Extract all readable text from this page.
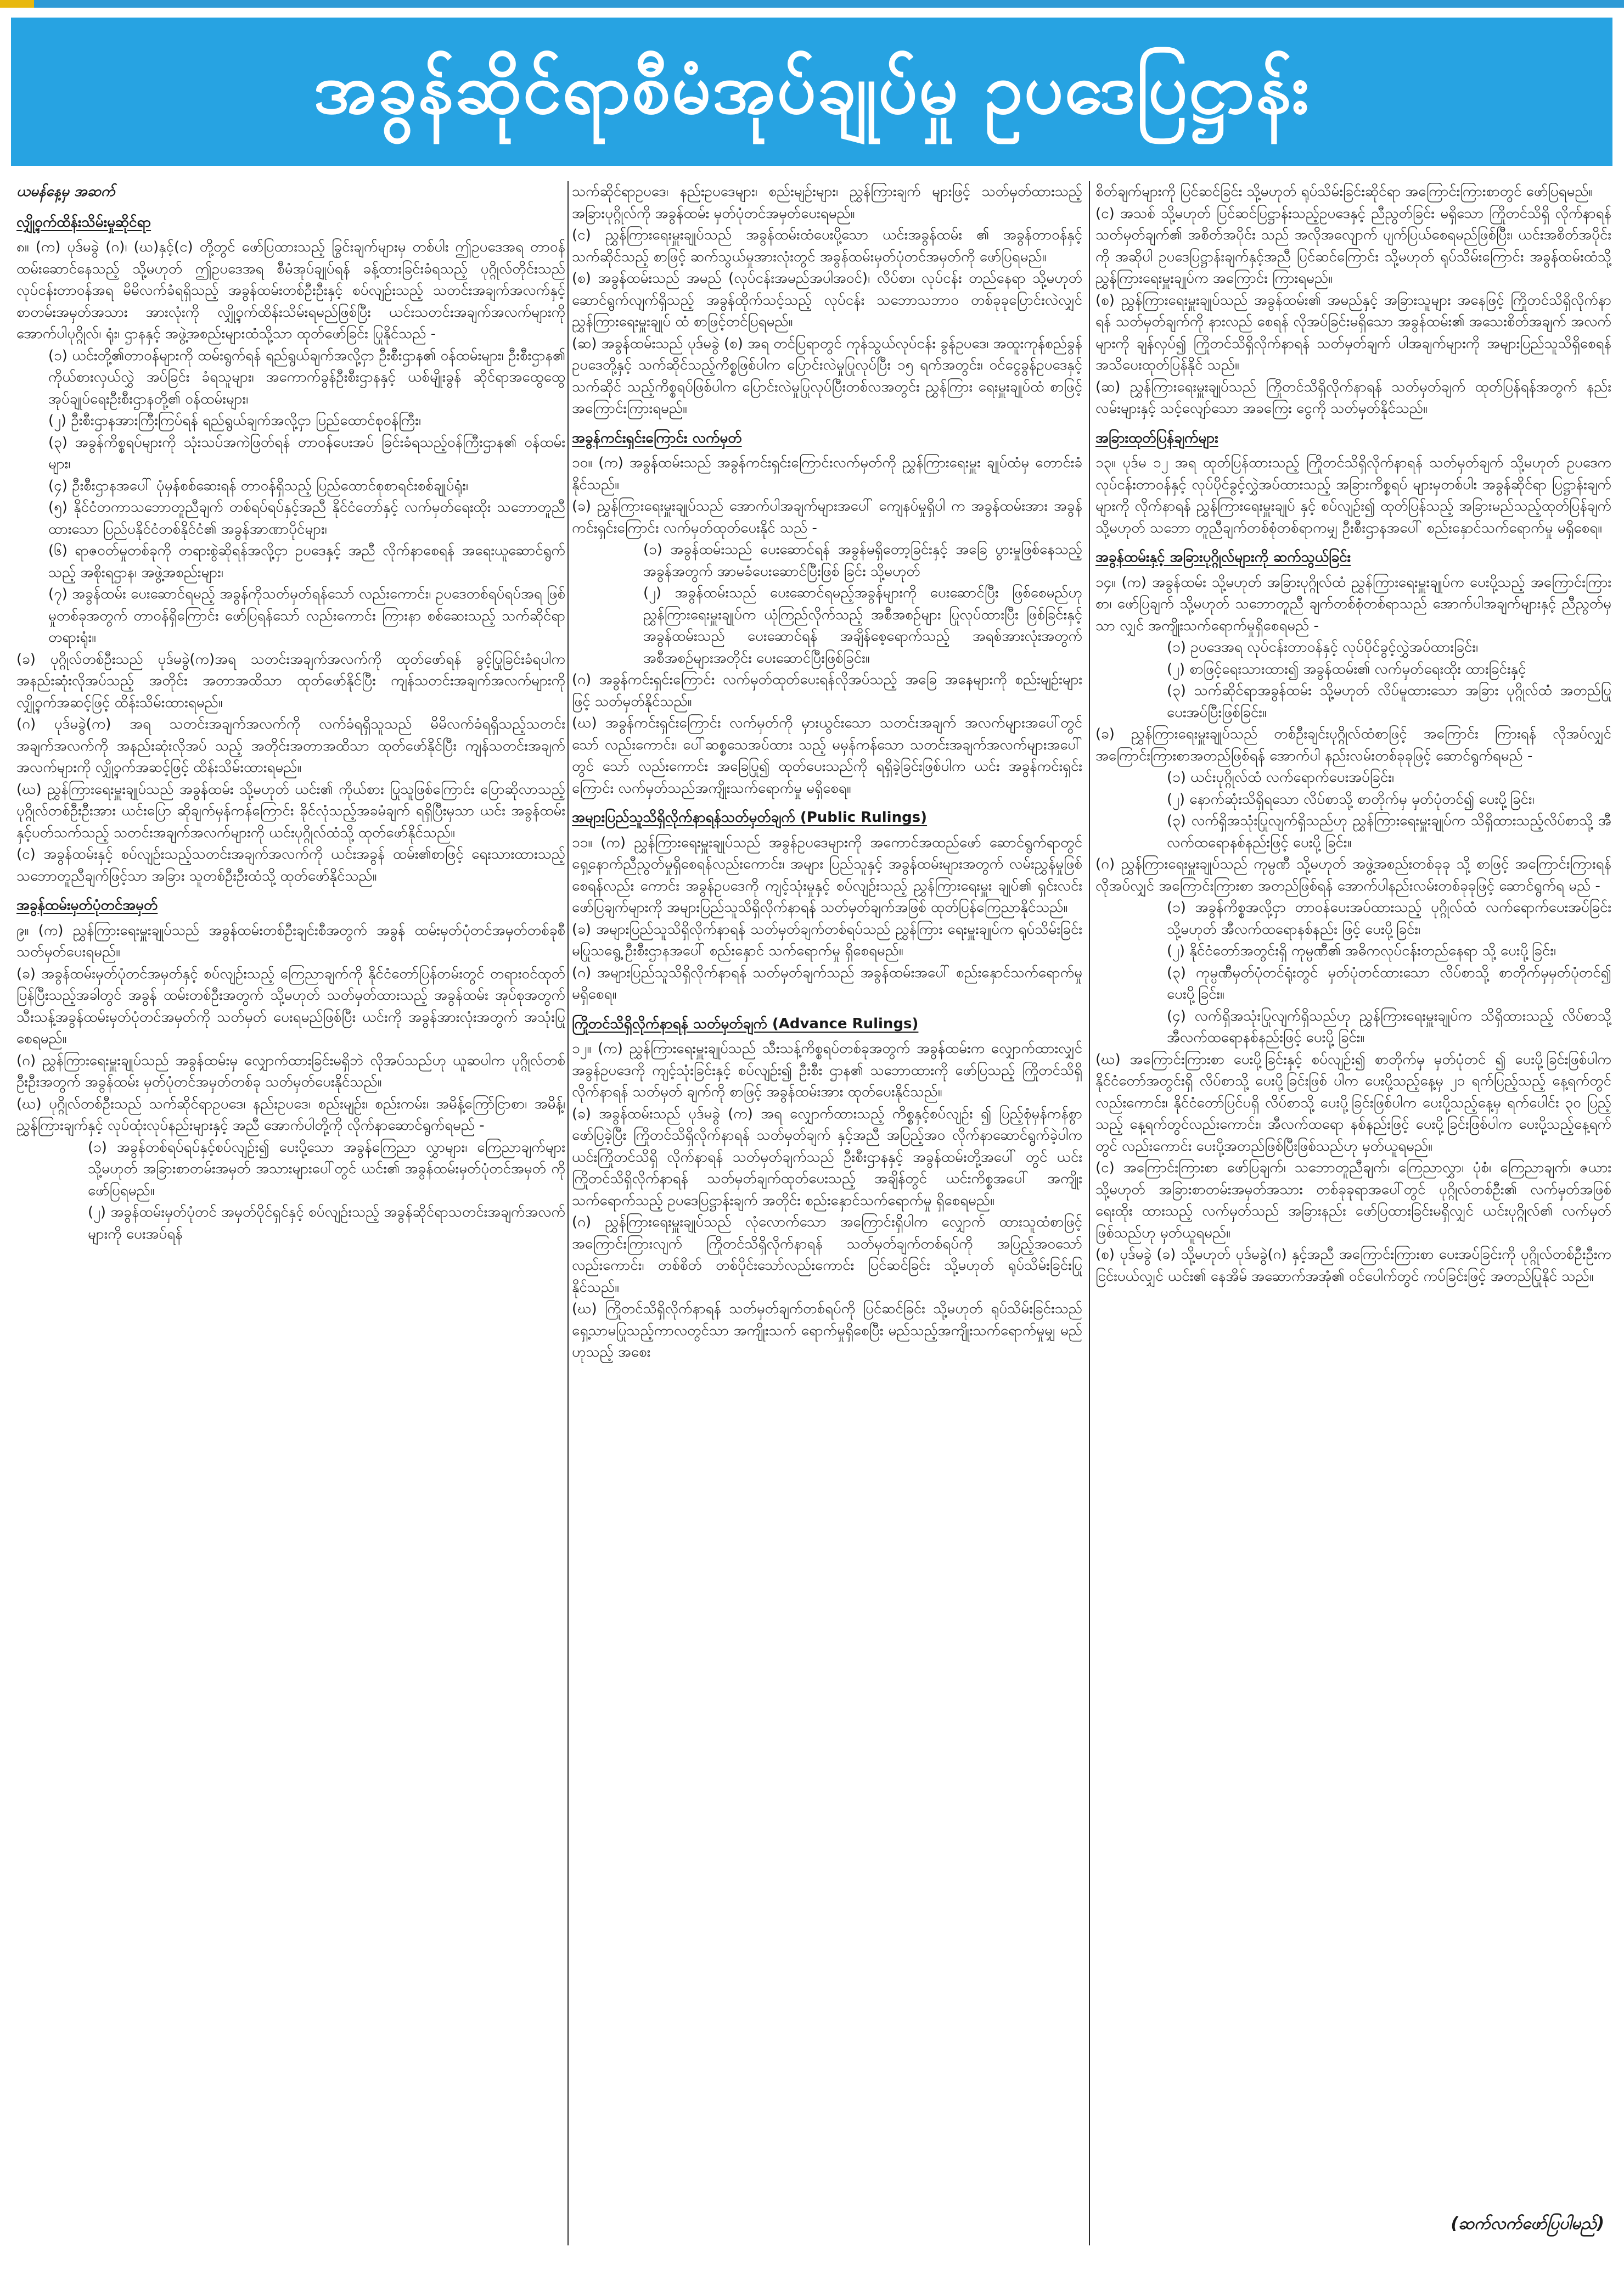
အခွန်ဆိုင်ရာစီမံအုပ်ချုပ်မှု ဥပဒေပြဋ္ဌာန်း
ယမန်နေ့မှ အဆက်
လျှို့ဝှက်ထိန်းသိမ်းမှုဆိုင်ရာ
၈။ (က) ပုဒ်မခွဲ (ဂ)၊ (ဃ)နှင့်(င) တို့တွင် ဖော်ပြထားသည့် ခြွင်းချက်များမှ တစ်ပါး ဤဥပဒေအရ တာဝန်ထမ်းဆောင်နေသည့် သို့မဟုတ် ဤဥပဒေအရ စီမံအုပ်ချုပ်ရန် ခန့်ထားခြင်းခံရသည့် ပုဂ္ဂိုလ်တိုင်းသည် လုပ်ငန်းတာဝန်အရ မိမိလက်ခံရရှိသည့် အခွန်ထမ်းတစ်ဦးဦးနှင့် စပ်လျဉ်းသည့် သတင်းအချက်အလက်နှင့် စာတမ်းအမှတ်အသား အားလုံးကို လျှို့ဝှက်ထိန်းသိမ်းရမည်ဖြစ်ပြီး ယင်းသတင်းအချက်အလက်များကို အောက်ပါပုဂ္ဂိုလ်၊ ရုံး၊ ဌာနနှင့် အဖွဲ့အစည်းများထံသို့သာ ထုတ်ဖော်ခြင်း ပြုနိုင်သည် -
(၁) ယင်းတို့၏တာဝန်များကို ထမ်းရွက်ရန် ရည်ရွယ်ချက်အလို့ငှာ ဦးစီးဌာန၏ ဝန်ထမ်းများ၊ ဦးစီးဌာန၏ ကိုယ်စားလှယ်လွှဲ အပ်ခြင်း ခံရသူများ၊ အကောက်ခွန်ဦးစီးဌာနနှင့် ယစ်မျိုးခွန် ဆိုင်ရာအထွေထွေအုပ်ချုပ်ရေးဦးစီးဌာနတို့၏ ဝန်ထမ်းများ၊
(၂) ဦးစီးဌာနအားကြီးကြပ်ရန် ရည်ရွယ်ချက်အလို့ငှာ ပြည်ထောင်စုဝန်ကြီး၊
(၃) အခွန်ကိစ္စရပ်များကို သုံးသပ်အကဲဖြတ်ရန် တာဝန်ပေးအပ် ခြင်းခံရသည့်ဝန်ကြီးဌာန၏ ဝန်ထမ်းများ၊
(၄) ဦးစီးဌာနအပေါ် ပုံမှန်စစ်ဆေးရန် တာဝန်ရှိသည့် ပြည်ထောင်စုစာရင်းစစ်ချုပ်ရုံး၊
(၅) နိုင်ငံတကာသဘောတူညီချက် တစ်ရပ်ရပ်နှင့်အညီ နိုင်ငံတော်နှင့် လက်မှတ်ရေးထိုး သဘောတူညီထားသော ပြည်ပနိုင်ငံတစ်နိုင်ငံ၏ အခွန်အာဏာပိုင်များ၊
(၆) ရာဇဝတ်မှုတစ်ခုကို တရားစွဲဆိုရန်အလို့ငှာ ဥပဒေနှင့် အညီ လိုက်နာစေရန် အရေးယူဆောင်ရွက်သည့် အစိုးရဌာန၊ အဖွဲ့အစည်းများ၊
(၇) အခွန်ထမ်း ပေးဆောင်ရမည့် အခွန်ကိုသတ်မှတ်ရန်သော် လည်းကောင်း၊ ဥပဒေတစ်ရပ်ရပ်အရ ဖြစ်မှုတစ်ခုအတွက် တာဝန်ရှိကြောင်း ဖော်ပြရန်သော် လည်းကောင်း ကြားနာ စစ်ဆေးသည့် သက်ဆိုင်ရာတရားရုံး။
(ခ) ပုဂ္ဂိုလ်တစ်ဦးသည် ပုဒ်မခွဲ(က)အရ သတင်းအချက်အလက်ကို ထုတ်ဖော်ရန် ခွင့်ပြုခြင်းခံရပါက အနည်းဆုံးလိုအပ်သည့် အတိုင်း အတာအထိသာ ထုတ်ဖော်နိုင်ပြီး ကျန်သတင်းအချက်အလက်များကို လျှို့ဝှက်အဆင့်ဖြင့် ထိန်းသိမ်းထားရမည်။
(ဂ) ပုဒ်မခွဲ(က) အရ သတင်းအချက်အလက်ကို လက်ခံရရှိသူသည် မိမိလက်ခံရရှိသည့်သတင်းအချက်အလက်ကို အနည်းဆုံးလိုအပ် သည့် အတိုင်းအတာအထိသာ ထုတ်ဖော်နိုင်ပြီး ကျန်သတင်းအချက် အလက်များကို လျှို့ဝှက်အဆင့်ဖြင့် ထိန်းသိမ်းထားရမည်။
(ဃ) ညွှန်ကြားရေးမှူးချုပ်သည် အခွန်ထမ်း သို့မဟုတ် ယင်း၏ ကိုယ်စား ပြုသူဖြစ်ကြောင်း ပြောဆိုလာသည့် ပုဂ္ဂိုလ်တစ်ဦးဦးအား ယင်းပြော ဆိုချက်မှန်ကန်ကြောင်း ခိုင်လုံသည့်အခမံချက် ရရှိပြီးမှသာ ယင်း အခွန်ထမ်းနှင့်ပတ်သက်သည့် သတင်းအချက်အလက်များကို ယင်းပုဂ္ဂိုလ်ထံသို့ ထုတ်ဖော်နိုင်သည်။
(င) အခွန်ထမ်းနှင့် စပ်လျဉ်းသည့်သတင်းအချက်အလက်ကို ယင်းအခွန် ထမ်း၏စာဖြင့် ရေးသားထားသည့် သဘောတူညီချက်ဖြင့်သာ အခြား သူတစ်ဦးဦးထံသို့ ထုတ်ဖော်နိုင်သည်။
အခွန်ထမ်းမှတ်ပုံတင်အမှတ်
၉။ (က) ညွှန်ကြားရေးမှူးချုပ်သည် အခွန်ထမ်းတစ်ဦးချင်းစီအတွက် အခွန် ထမ်းမှတ်ပုံတင်အမှတ်တစ်ခုစီ သတ်မှတ်ပေးရမည်။
(ခ) အခွန်ထမ်းမှတ်ပုံတင်အမှတ်နှင့် စပ်လျဉ်းသည့် ကြေညာချက်ကို နိုင်ငံတော်ပြန်တမ်းတွင် တရားဝင်ထုတ်ပြန်ပြီးသည့်အခါတွင် အခွန် ထမ်းတစ်ဦးအတွက် သို့မဟုတ် သတ်မှတ်ထားသည့် အခွန်ထမ်း အုပ်စုအတွက် သီးသန့်အခွန်ထမ်းမှတ်ပုံတင်အမှတ်ကို သတ်မှတ် ပေးရမည်ဖြစ်ပြီး ယင်းကို အခွန်အားလုံးအတွက် အသုံးပြုစေရမည်။
(ဂ) ညွှန်ကြားရေးမှူးချုပ်သည် အခွန်ထမ်းမှ လျှောက်ထားခြင်းမရှိဘဲ လိုအပ်သည်ဟု ယူဆပါက ပုဂ္ဂိုလ်တစ်ဦးဦးအတွက် အခွန်ထမ်း မှတ်ပုံတင်အမှတ်တစ်ခု သတ်မှတ်ပေးနိုင်သည်။
(ဃ) ပုဂ္ဂိုလ်တစ်ဦးသည် သက်ဆိုင်ရာဥပဒေ၊ နည်းဥပဒေ၊ စည်းမျဉ်း၊ စည်းကမ်း၊ အမိန့်ကြော်ငြာစာ၊ အမိန့်၊ ညွှန်ကြားချက်နှင့် လုပ်ထုံးလုပ်နည်းများနှင့် အညီ အောက်ပါတို့ကို လိုက်နာဆောင်ရွက်ရမည် -
(၁) အခွန်တစ်ရပ်ရပ်နှင့်စပ်လျဉ်း၍ ပေးပို့သော အခွန်ကြေညာ လွှာများ၊ ကြေညာချက်များ သို့မဟုတ် အခြားစာတမ်းအမှတ် အသားများပေါ်တွင် ယင်း၏ အခွန်ထမ်းမှတ်ပုံတင်အမှတ် ကို ဖော်ပြရမည်။
(၂) အခွန်ထမ်းမှတ်ပုံတင် အမှတ်ပိုင်ရှင်နှင့် စပ်လျဉ်းသည့် အခွန်ဆိုင်ရာသတင်းအချက်အလက်များကို ပေးအပ်ရန်
သက်ဆိုင်ရာဥပဒေ၊ နည်းဥပဒေများ၊ စည်းမျဉ်းများ၊ ညွှန်ကြားချက် များဖြင့် သတ်မှတ်ထားသည့် အခြားပုဂ္ဂိုလ်ကို အခွန်ထမ်း မှတ်ပုံတင်အမှတ်ပေးရမည်။
(င) ညွှန်ကြားရေးမှူးချုပ်သည် အခွန်ထမ်းထံပေးပို့သော ယင်းအခွန်ထမ်း ၏ အခွန်တာဝန်နှင့် သက်ဆိုင်သည့် စာဖြင့် ဆက်သွယ်မှုအားလုံးတွင် အခွန်ထမ်းမှတ်ပုံတင်အမှတ်ကို ဖော်ပြရမည်။
(စ) အခွန်ထမ်းသည် အမည် (လုပ်ငန်းအမည်အပါအဝင်)၊ လိပ်စာ၊ လုပ်ငန်း တည်နေရာ သို့မဟုတ် ဆောင်ရွက်လျက်ရှိသည့် အခွန်ထိုက်သင့်သည့် လုပ်ငန်း သဘောသဘာဝ တစ်ခုခုပြောင်းလဲလျှင် ညွှန်ကြားရေးမှူးချုပ် ထံ စာဖြင့်တင်ပြရမည်။
(ဆ) အခွန်ထမ်းသည် ပုဒ်မခွဲ (စ) အရ တင်ပြရာတွင် ကုန်သွယ်လုပ်ငန်း ခွန်ဥပဒေ၊ အထူးကုန်စည်ခွန်ဥပဒေတို့နှင့် သက်ဆိုင်သည့်ကိစ္စဖြစ်ပါက ပြောင်းလဲမှုပြုလုပ်ပြီး ၁၅ ရက်အတွင်း၊ ဝင်ငွေခွန်ဥပဒေနှင့် သက်ဆိုင် သည့်ကိစ္စရပ်ဖြစ်ပါက ပြောင်းလဲမှုပြုလုပ်ပြီးတစ်လအတွင်း ညွှန်ကြား ရေးမှူးချုပ်ထံ စာဖြင့်အကြောင်းကြားရမည်။
အခွန်ကင်းရှင်းကြောင်း လက်မှတ်
၁၀။ (က) အခွန်ထမ်းသည် အခွန်ကင်းရှင်းကြောင်းလက်မှတ်ကို ညွှန်ကြားရေးမှူး ချုပ်ထံမှ တောင်းခံနိုင်သည်။
(ခ) ညွှန်ကြားရေးမှူးချုပ်သည် အောက်ပါအချက်များအပေါ် ကျေနပ်မှုရှိပါ က အခွန်ထမ်းအား အခွန်ကင်းရှင်းကြောင်း လက်မှတ်ထုတ်ပေးနိုင် သည် -
(၁) အခွန်ထမ်းသည် ပေးဆောင်ရန် အခွန်မရှိတော့ခြင်းနှင့် အခြေ ပွားမှုဖြစ်နေသည့် အခွန်အတွက် အာမခံပေးဆောင်ပြီးဖြစ် ခြင်း သို့မဟုတ်
(၂) အခွန်ထမ်းသည် ပေးဆောင်ရမည့်အခွန်များကို ပေးဆောင်ပြီး ဖြစ်စေမည်ဟု ညွှန်ကြားရေးမှူးချုပ်က ယုံကြည်လိုက်သည့် အစီအစဉ်များ ပြုလုပ်ထားပြီး ဖြစ်ခြင်းနှင့် အခွန်ထမ်းသည် ပေးဆောင်ရန် အချိန်စေ့ရောက်သည့် အရစ်အားလုံးအတွက် အစီအစဉ်များအတိုင်း ပေးဆောင်ပြီးဖြစ်ခြင်း။
(ဂ) အခွန်ကင်းရှင်းကြောင်း လက်မှတ်ထုတ်ပေးရန်လိုအပ်သည့် အခြေ အနေများကို စည်းမျဉ်းများဖြင့် သတ်မှတ်နိုင်သည်။
(ဃ) အခွန်ကင်းရှင်းကြောင်း လက်မှတ်ကို မှားယွင်းသော သတင်းအချက် အလက်များအပေါ်တွင်သော် လည်းကောင်း၊ ပေါ်ဆစ္စသေအပ်ထား သည့် မမှန်ကန်သော သတင်းအချက်အလက်များအပေါ်တွင် သော် လည်းကောင်း အခြေပြု၍ ထုတ်ပေးသည်ကို ရရှိခဲ့ခြင်းဖြစ်ပါက ယင်း အခွန်ကင်းရှင်းကြောင်း လက်မှတ်သည်အကျိုးသက်ရောက်မှု မရှိစေရ။
အများပြည်သူသိရှိလိုက်နာရန်သတ်မှတ်ချက် (Public Rulings)
၁၁။ (က) ညွှန်ကြားရေးမှူးချုပ်သည် အခွန်ဥပဒေများကို အကောင်အထည်ဖော် ဆောင်ရွက်ရာတွင် ရှေ့နောက်ညီညွတ်မှုရှိစေရန်လည်းကောင်း၊ အများ ပြည်သူနှင့် အခွန်ထမ်းများအတွက် လမ်းညွှန်မှုဖြစ်စေရန်လည်း ကောင်း အခွန်ဥပဒေကို ကျင့်သုံးမှုနှင့် စပ်လျဉ်းသည့် ညွှန်ကြားရေးမှူး ချုပ်၏ ရှင်းလင်းဖော်ပြချက်များကို အများပြည်သူသိရှိလိုက်နာရန် သတ်မှတ်ချက်အဖြစ် ထုတ်ပြန်ကြေညာနိုင်သည်။
(ခ) အများပြည်သူသိရှိလိုက်နာရန် သတ်မှတ်ချက်တစ်ရပ်သည် ညွှန်ကြား ရေးမှူးချုပ်က ရုပ်သိမ်းခြင်းမပြုသရွေ့ ဦးစီးဌာနအပေါ် စည်းနှောင် သက်ရောက်မှု ရှိစေရမည်။
(ဂ) အများပြည်သူသိရှိလိုက်နာရန် သတ်မှတ်ချက်သည် အခွန်ထမ်းအပေါ် စည်းနှောင်သက်ရောက်မှု မရှိစေရ။
ကြိုတင်သိရှိလိုက်နာရန် သတ်မှတ်ချက် (Advance Rulings)
၁၂။ (က) ညွှန်ကြားရေးမှူးချုပ်သည် သီးသန့်ကိစ္စရပ်တစ်ခုအတွက် အခွန်ထမ်းက လျှောက်ထားလျှင် အခွန်ဥပဒေကို ကျင့်သုံးခြင်းနှင့် စပ်လျဉ်း၍ ဦးစီး ဌာန၏ သဘောထားကို ဖော်ပြသည့် ကြိုတင်သိရှိလိုက်နာရန် သတ်မှတ် ချက်ကို စာဖြင့် အခွန်ထမ်းအား ထုတ်ပေးနိုင်သည်။
(ခ) အခွန်ထမ်းသည် ပုဒ်မခွဲ (က) အရ လျှောက်ထားသည့် ကိစ္စနှင့်စပ်လျဉ်း ၍ ပြည့်စုံမှန်ကန်စွာ ဖော်ပြခဲ့ပြီး ကြိုတင်သိရှိလိုက်နာရန် သတ်မှတ်ချက် နှင့်အညီ အပြည့်အဝ လိုက်နာဆောင်ရွက်ခဲ့ပါက ယင်းကြိုတင်သိရှိ လိုက်နာရန် သတ်မှတ်ချက်သည် ဦးစီးဌာနနှင့် အခွန်ထမ်းတို့အပေါ် တွင် ယင်းကြိုတင်သိရှိလိုက်နာရန် သတ်မှတ်ချက်ထုတ်ပေးသည့် အချိန်တွင် ယင်းကိစ္စအပေါ် အကျိုးသက်ရောက်သည့် ဥပဒေပြဋ္ဌာန်းချက် အတိုင်း စည်းနှောင်သက်ရောက်မှု ရှိစေရမည်။
(ဂ) ညွှန်ကြားရေးမှူးချုပ်သည် လုံလောက်သော အကြောင်းရှိပါက လျှောက် ထားသူထံစာဖြင့် အကြောင်းကြားလျက် ကြိုတင်သိရှိလိုက်နာရန် သတ်မှတ်ချက်တစ်ရပ်ကို အပြည့်အဝသော် လည်းကောင်း၊ တစ်စိတ် တစ်ပိုင်းသော်လည်းကောင်း ပြင်ဆင်ခြင်း သို့မဟုတ် ရုပ်သိမ်းခြင်းပြု နိုင်သည်။
(ဃ) ကြိုတင်သိရှိလိုက်နာရန် သတ်မှတ်ချက်တစ်ရပ်ကို ပြင်ဆင်ခြင်း သို့မဟုတ် ရုပ်သိမ်းခြင်းသည် ရှေ့သာမပြုသည့်ကာလတွင်သာ အကျိုးသက် ရောက်မှုရှိစေပြီး မည်သည့်အကျိုးသက်ရောက်မှုမျှ မည်ဟုသည့် အစေး
စိတ်ချက်များကို ပြင်ဆင်ခြင်း သို့မဟုတ် ရုပ်သိမ်းခြင်းဆိုင်ရာ အကြောင်းကြားစာတွင် ဖော်ပြရမည်။
(င) အသစ် သို့မဟုတ် ပြင်ဆင်ပြဋ္ဌာန်းသည့်ဥပဒေနှင့် ညီညွတ်ခြင်း မရှိသော ကြိုတင်သိရှိ လိုက်နာရန်သတ်မှတ်ချက်၏ အစိတ်အပိုင်း သည် အလိုအလျောက် ပျက်ပြယ်စေရမည်ဖြစ်ပြီး၊ ယင်းအစိတ်အပိုင်း ကို အဆိုပါ ဥပဒေပြဋ္ဌာန်းချက်နှင့်အညီ ပြင်ဆင်ကြောင်း သို့မဟုတ် ရုပ်သိမ်းကြောင်း အခွန်ထမ်းထံသို့ ညွှန်ကြားရေးမှူးချုပ်က အကြောင်း ကြားရမည်။
(စ) ညွှန်ကြားရေးမှူးချုပ်သည် အခွန်ထမ်း၏ အမည်နှင့် အခြားသူများ အနေဖြင့် ကြိုတင်သိရှိလိုက်နာရန် သတ်မှတ်ချက်ကို နားလည် စေရန် လိုအပ်ခြင်းမရှိသော အခွန်ထမ်း၏ အသေးစိတ်အချက် အလက်များကို ချန်လှပ်၍ ကြိုတင်သိရှိလိုက်နာရန် သတ်မှတ်ချက် ပါအချက်များကို အများပြည်သူသိရှိစေရန် အသိပေးထုတ်ပြန်နိုင် သည်။
(ဆ) ညွှန်ကြားရေးမှူးချုပ်သည် ကြိုတင်သိရှိလိုက်နာရန် သတ်မှတ်ချက် ထုတ်ပြန်ရန်အတွက် နည်းလမ်းများနှင့် သင့်လျော်သော အခကြေး ငွေကို သတ်မှတ်နိုင်သည်။
အခြားထုတ်ပြန်ချက်များ
၁၃။ ပုဒ်မ ၁၂ အရ ထုတ်ပြန်ထားသည့် ကြိုတင်သိရှိလိုက်နာရန် သတ်မှတ်ချက် သို့မဟုတ် ဥပဒေက လုပ်ငန်းတာဝန်နှင့် လုပ်ပိုင်ခွင့်လွှဲအပ်ထားသည့် အခြားကိစ္စရပ် များမှတစ်ပါး အခွန်ဆိုင်ရာ ပြဋ္ဌာန်းချက်များကို လိုက်နာရန် ညွှန်ကြားရေးမှူးချုပ် နှင့် စပ်လျဉ်း၍ ထုတ်ပြန်သည့် အခြားမည်သည့်ထုတ်ပြန်ချက် သို့မဟုတ် သဘော တူညီချက်တစ်စုံတစ်ရာကမျှ ဦးစီးဌာနအပေါ် စည်းနှောင်သက်ရောက်မှု မရှိစေရ။
အခွန်ထမ်းနှင့် အခြားပုဂ္ဂိုလ်များကို ဆက်သွယ်ခြင်း
၁၄။ (က) အခွန်ထမ်း သို့မဟုတ် အခြားပုဂ္ဂိုလ်ထံ ညွှန်ကြားရေးမှူးချုပ်က ပေးပို့သည့် အကြောင်းကြားစာ၊ ဖော်ပြချက် သို့မဟုတ် သဘောတူညီ ချက်တစ်စုံတစ်ရာသည် အောက်ပါအချက်များနှင့် ညီညွတ်မှသာ လျှင် အကျိုးသက်ရောက်မှုရှိစေရမည် -
(၁) ဥပဒေအရ လုပ်ငန်းတာဝန်နှင့် လုပ်ပိုင်ခွင့်လွှဲအပ်ထားခြင်း၊
(၂) စာဖြင့်ရေးသားထား၍ အခွန်ထမ်း၏ လက်မှတ်ရေးထိုး ထားခြင်းနှင့်
(၃) သက်ဆိုင်ရာအခွန်ထမ်း သို့မဟုတ် လိပ်မူထားသော အခြား ပုဂ္ဂိုလ်ထံ အတည်ပြုပေးအပ်ပြီးဖြစ်ခြင်း။
(ခ) ညွှန်ကြားရေးမှူးချုပ်သည် တစ်ဦးချင်းပုဂ္ဂိုလ်ထံစာဖြင့် အကြောင်း ကြားရန် လိုအပ်လျှင် အကြောင်းကြားစာအတည်ဖြစ်ရန် အောက်ပါ နည်းလမ်းတစ်ခုခုဖြင့် ဆောင်ရွက်ရမည် -
(၁) ယင်းပုဂ္ဂိုလ်ထံ လက်ရောက်ပေးအပ်ခြင်း၊
(၂) နောက်ဆုံးသိရှိရသော လိပ်စာသို့ စာတိုက်မှ မှတ်ပုံတင်၍ ပေးပို့ခြင်း၊
(၃) လက်ရှိအသုံးပြုလျက်ရှိသည်ဟု ညွှန်ကြားရေးမှူးချုပ်က သိရှိထားသည့်လိပ်စာသို့ အီလက်ထရောနစ်နည်းဖြင့် ပေးပို့ ခြင်း။
(ဂ) ညွှန်ကြားရေးမှူးချုပ်သည် ကုမ္ပဏီ သို့မဟုတ် အဖွဲ့အစည်းတစ်ခုခု သို့ စာဖြင့် အကြောင်းကြားရန် လိုအပ်လျှင် အကြောင်းကြားစာ အတည်ဖြစ်ရန် အောက်ပါနည်းလမ်းတစ်ခုခုဖြင့် ဆောင်ရွက်ရ မည် -
(၁) အခွန်ကိစ္စအလို့ငှာ တာဝန်ပေးအပ်ထားသည့် ပုဂ္ဂိုလ်ထံ လက်ရောက်ပေးအပ်ခြင်း သို့မဟုတ် အီလက်ထရောနစ်နည်း ဖြင့် ပေးပို့ခြင်း၊
(၂) နိုင်ငံတော်အတွင်းရှိ ကုမ္ပဏီ၏ အဓိကလုပ်ငန်းတည်နေရာ သို့ ပေးပို့ခြင်း၊
(၃) ကုမ္ပဏီမှတ်ပုံတင်ရုံးတွင် မှတ်ပုံတင်ထားသော လိပ်စာသို့ စာတိုက်မှမှတ်ပုံတင်၍ ပေးပို့ခြင်း။
(၄) လက်ရှိအသုံးပြုလျက်ရှိသည်ဟု ညွှန်ကြားရေးမှူးချုပ်က သိရှိထားသည့် လိပ်စာသို့ အီလက်ထရောနစ်နည်းဖြင့် ပေးပို့ ခြင်း။
(ဃ) အကြောင်းကြားစာ ပေးပို့ခြင်းနှင့် စပ်လျဉ်း၍ စာတိုက်မှ မှတ်ပုံတင် ၍ ပေးပို့ခြင်းဖြစ်ပါက နိုင်ငံတော်အတွင်းရှိ လိပ်စာသို့ ပေးပို့ခြင်းဖြစ် ပါက ပေးပို့သည့်နေ့မှ ၂၁ ရက်ပြည့်သည့် နေ့ရက်တွင် လည်းကောင်း၊ နိုင်ငံတော်ပြင်ပရှိ လိပ်စာသို့ ပေးပို့ခြင်းဖြစ်ပါက ပေးပို့သည့်နေ့မှ ရက်ပေါင်း ၃၀ ပြည့်သည့် နေ့ရက်တွင်လည်းကောင်း၊ အီလက်ထရော နစ်နည်းဖြင့် ပေးပို့ခြင်းဖြစ်ပါက ပေးပို့သည့်နေ့ရက်တွင် လည်းကောင်း ပေးပို့အတည်ဖြစ်ပြီးဖြစ်သည်ဟု မှတ်ယူရမည်။
(င) အကြောင်းကြားစာ ဖော်ပြချက်၊ သဘောတူညီချက်၊ ကြေညာလွှာ၊ ပုံစံ၊ ကြေညာချက်၊ ဇယား သို့မဟုတ် အခြားစာတမ်းအမှတ်အသား တစ်ခုခုရာအပေါ်တွင် ပုဂ္ဂိုလ်တစ်ဦး၏ လက်မှတ်အဖြစ် ရေးထိုး ထားသည့် လက်မှတ်သည် အခြားနည်း ဖော်ပြထားခြင်းမရှိလျှင် ယင်းပုဂ္ဂိုလ်၏ လက်မှတ်ဖြစ်သည်ဟု မှတ်ယူရမည်။
(စ) ပုဒ်မခွဲ (ခ) သို့မဟုတ် ပုဒ်မခွဲ(ဂ) နှင့်အညီ အကြောင်းကြားစာ ပေးအပ်ခြင်းကို ပုဂ္ဂိုလ်တစ်ဦးဦးက ငြင်းပယ်လျှင် ယင်း၏ နေအိမ် အဆောက်အအုံ၏ ဝင်ပေါက်တွင် ကပ်ခြင်းဖြင့် အတည်ပြုနိုင် သည်။
(ဆက်လက်ဖော်ပြပါမည်)
